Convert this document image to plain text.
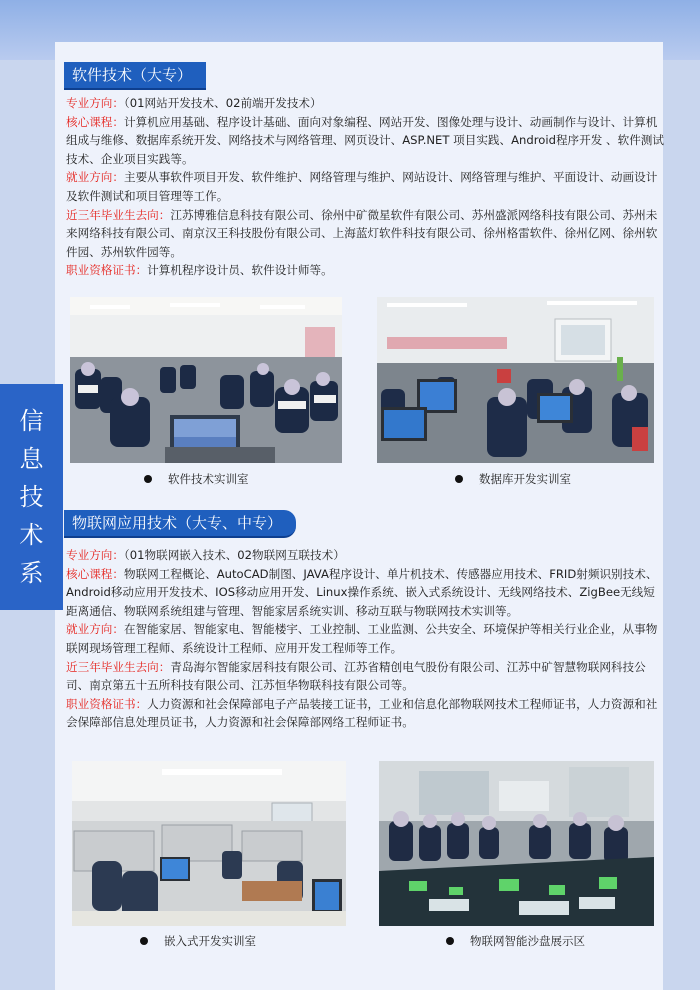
信
息
技
术
系
软件技术（大专）

专业方向：（01网站开发技术、02前端开发技术）

核心课程：计算机应用基础、程序设计基础、面向对象编程、网站开发、图像处理与设计、动画制作与设计、计算机组成与维修、数据库系统开发、网络技术与网络管理、网页设计、ASP.NET 项目实践、Android程序开发 、软件测试技术、企业项目实践等。

就业方向：主要从事软件项目开发、软件维护、网络管理与维护、网站设计、网络管理与维护、平面设计、动画设计及软件测试和项目管理等工作。

近三年毕业生去向：江苏博雅信息科技有限公司、徐州中矿微星软件有限公司、苏州盛派网络科技有限公司、苏州未来网络科技有限公司、南京汉王科技股份有限公司、上海蓝灯软件科技有限公司、徐州格雷软件、徐州亿网、徐州软件园、苏州软件园等。

职业资格证书：计算机程序设计员、软件设计师等。

软件技术实训室	数据库开发实训室
物联网应用技术（大专、中专）

专业方向：（01物联网嵌入技术、02物联网互联技术）

核心课程：物联网工程概论、AutoCAD制图、JAVA程序设计、单片机技术、传感器应用技术、FRID射频识别技术、Android移动应用开发技术、IOS移动应用开发、Linux操作系统、嵌入式系统设计、无线网络技术、ZigBee无线短距离通信、物联网系统组建与管理、智能家居系统实训、移动互联与物联网技术实训等。

就业方向：在智能家居、智能家电、智能楼宇、工业控制、工业监测、公共安全、环境保护等相关行业企业，从事物联网现场管理工程师、系统设计工程师、应用开发工程师等工作。

近三年毕业生去向：青岛海尔智能家居科技有限公司、江苏省精创电气股份有限公司、江苏中矿智慧物联网科技公司、南京第五十五所科技有限公司、江苏恒华物联科技有限公司等。

职业资格证书：人力资源和社会保障部电子产品装接工证书，工业和信息化部物联网技术工程师证书，人力资源和社会保障部信息处理员证书，人力资源和社会保障部网络工程师证书。

嵌入式开发实训室	物联网智能沙盘展示区
